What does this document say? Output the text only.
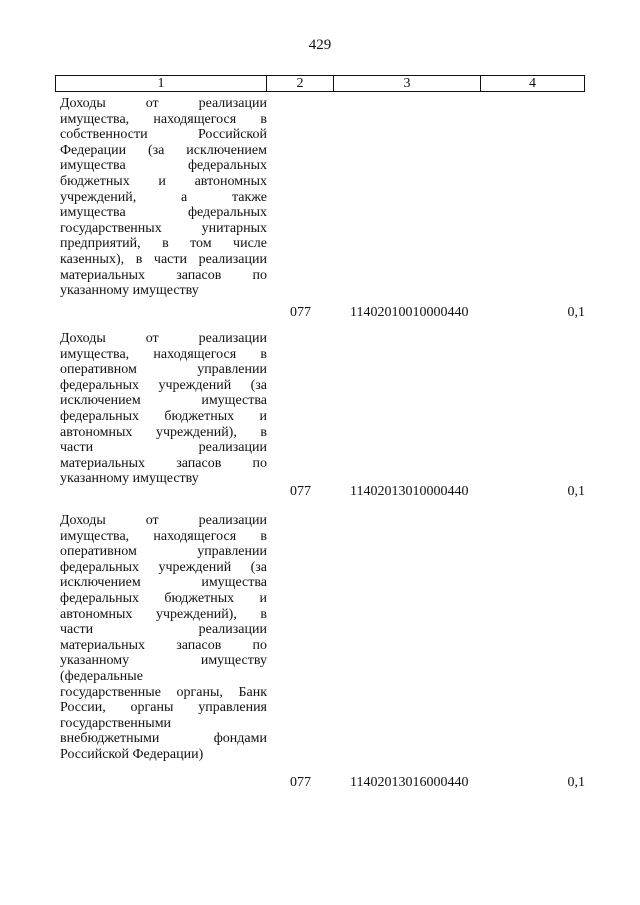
429
1	2	3	4
Доходы от реализации
имущества, находящегося в
собственности Российской
Федерации (за исключением
имущества федеральных
бюджетных и автономных
учреждений, а также
имущества федеральных
государственных унитарных
предприятий, в том числе
казенных), в части реализации
материальных запасов по
указанному имуществу
077	11402010010000440	0,1
Доходы от реализации
имущества, находящегося в
оперативном управлении
федеральных учреждений (за
исключением имущества
федеральных бюджетных и
автономных учреждений), в
части реализации
материальных запасов по
указанному имуществу
077	11402013010000440	0,1
Доходы от реализации
имущества, находящегося в
оперативном управлении
федеральных учреждений (за
исключением имущества
федеральных бюджетных и
автономных учреждений), в
части реализации
материальных запасов по
указанному имуществу
(федеральные
государственные органы, Банк
России, органы управления
государственными
внебюджетными фондами
Российской Федерации)
077	11402013016000440	0,1
